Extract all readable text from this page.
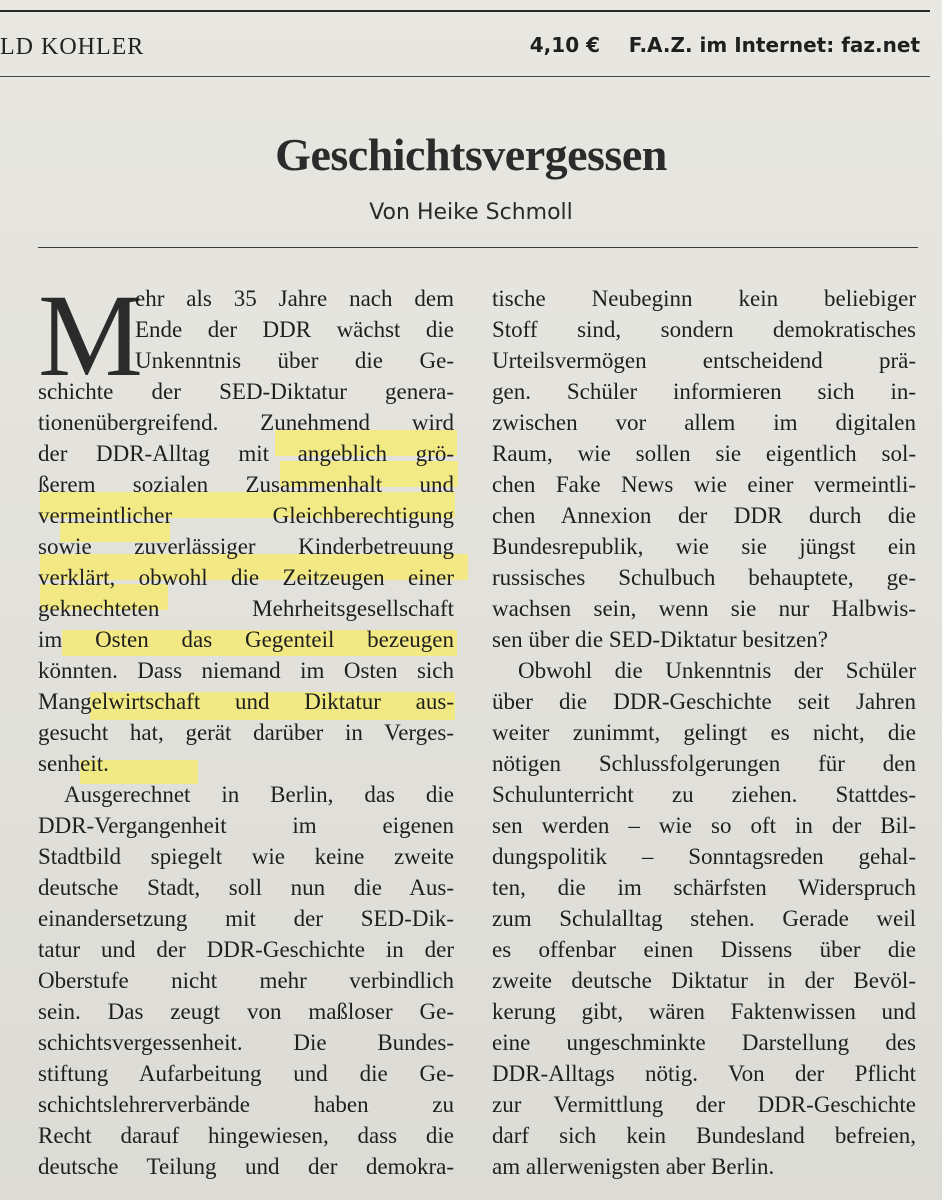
LD KOHLER	4,10 € F.A.Z. im Internet: faz.net
Geschichtsvergessen
Von Heike Schmoll
M
ehr als 35 Jahre nach dem
Ende der DDR wächst die
Unkenntnis über die Ge-
schichte der SED-Diktatur genera-
tionenübergreifend. Zunehmend wird
der DDR-Alltag mit angeblich grö-
ßerem sozialen Zusammenhalt und
vermeintlicher Gleichberechtigung
sowie zuverlässiger Kinderbetreuung
verklärt, obwohl die Zeitzeugen einer
geknechteten Mehrheitsgesellschaft
im Osten das Gegenteil bezeugen
könnten. Dass niemand im Osten sich
Mangelwirtschaft und Diktatur aus-
gesucht hat, gerät darüber in Verges-
senheit.
Ausgerechnet in Berlin, das die
DDR-Vergangenheit im eigenen
Stadtbild spiegelt wie keine zweite
deutsche Stadt, soll nun die Aus-
einandersetzung mit der SED-Dik-
tatur und der DDR-Geschichte in der
Oberstufe nicht mehr verbindlich
sein. Das zeugt von maßloser Ge-
schichtsvergessenheit. Die Bundes-
stiftung Aufarbeitung und die Ge-
schichtslehrerverbände haben zu
Recht darauf hingewiesen, dass die
deutsche Teilung und der demokra-
tische Neubeginn kein beliebiger
Stoff sind, sondern demokratisches
Urteilsvermögen entscheidend prä-
gen. Schüler informieren sich in-
zwischen vor allem im digitalen
Raum, wie sollen sie eigentlich sol-
chen Fake News wie einer vermeintli-
chen Annexion der DDR durch die
Bundesrepublik, wie sie jüngst ein
russisches Schulbuch behauptete, ge-
wachsen sein, wenn sie nur Halbwis-
sen über die SED-Diktatur besitzen?
Obwohl die Unkenntnis der Schüler
über die DDR-Geschichte seit Jahren
weiter zunimmt, gelingt es nicht, die
nötigen Schlussfolgerungen für den
Schulunterricht zu ziehen. Stattdes-
sen werden – wie so oft in der Bil-
dungspolitik – Sonntagsreden gehal-
ten, die im schärfsten Widerspruch
zum Schulalltag stehen. Gerade weil
es offenbar einen Dissens über die
zweite deutsche Diktatur in der Bevöl-
kerung gibt, wären Faktenwissen und
eine ungeschminkte Darstellung des
DDR-Alltags nötig. Von der Pflicht
zur Vermittlung der DDR-Geschichte
darf sich kein Bundesland befreien,
am allerwenigsten aber Berlin.
